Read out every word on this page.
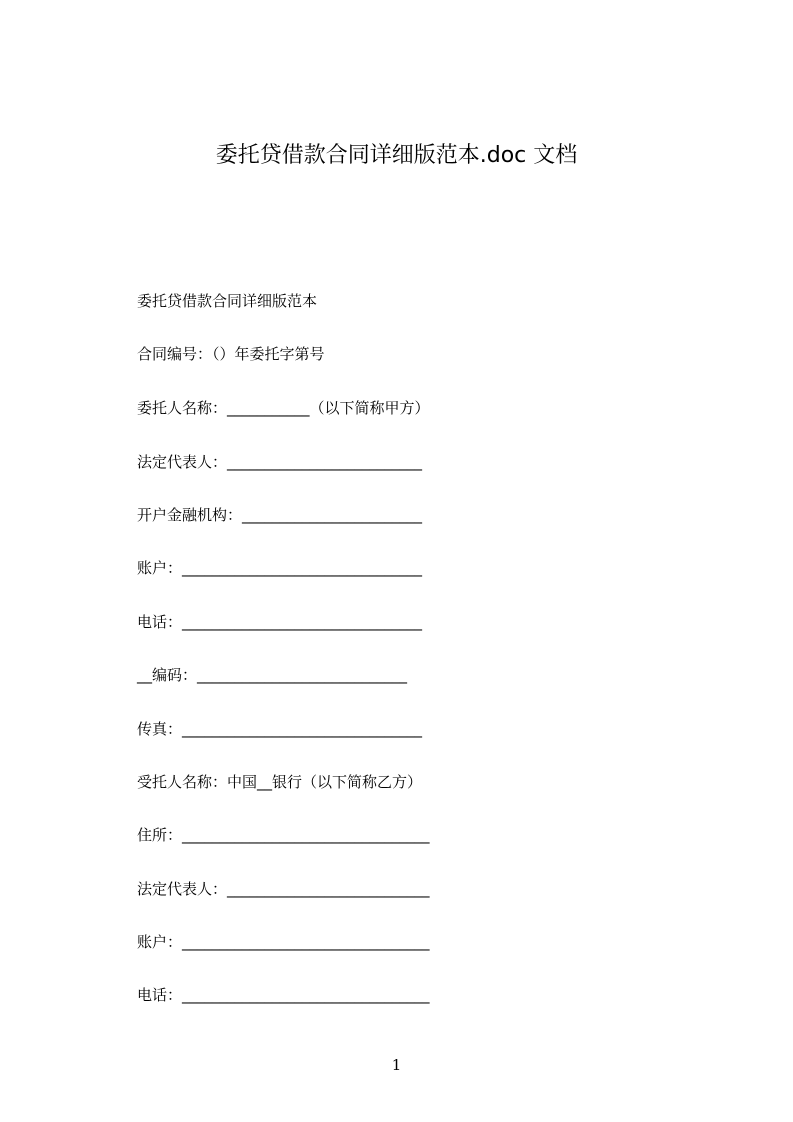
委托贷借款合同详细版范本.doc 文档
委托贷借款合同详细版范本
合同编号：（）年委托字第号
委托人名称：___________（以下简称甲方）
法定代表人：__________________________
开户金融机构：________________________
账户：________________________________
电话：________________________________
__编码：____________________________
传真：________________________________
受托人名称：中国__银行（以下简称乙方）
住所：_________________________________
法定代表人：___________________________
账户：_________________________________
电话：_________________________________
1
